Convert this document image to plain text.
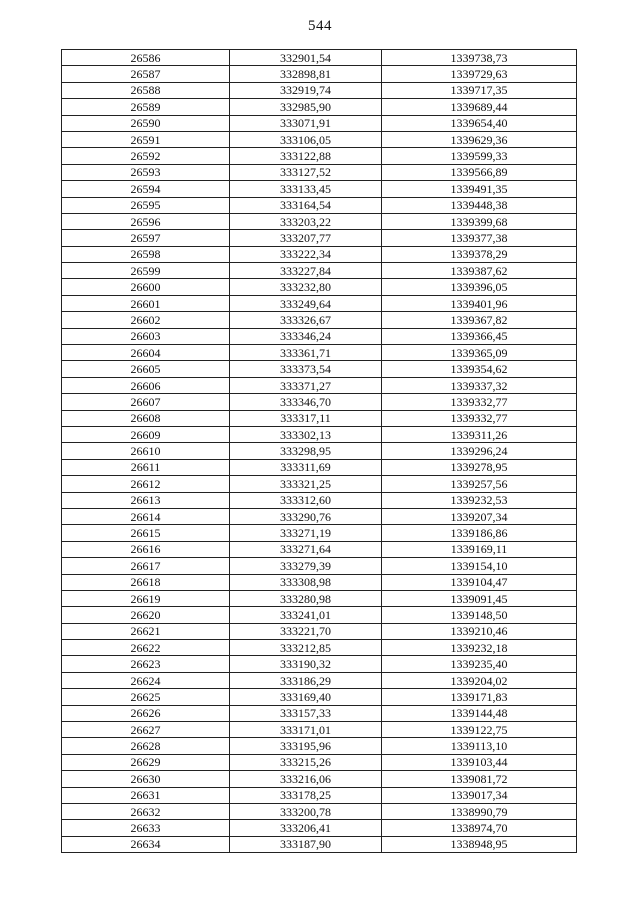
544
26586	332901,54	1339738,73
26587	332898,81	1339729,63
26588	332919,74	1339717,35
26589	332985,90	1339689,44
26590	333071,91	1339654,40
26591	333106,05	1339629,36
26592	333122,88	1339599,33
26593	333127,52	1339566,89
26594	333133,45	1339491,35
26595	333164,54	1339448,38
26596	333203,22	1339399,68
26597	333207,77	1339377,38
26598	333222,34	1339378,29
26599	333227,84	1339387,62
26600	333232,80	1339396,05
26601	333249,64	1339401,96
26602	333326,67	1339367,82
26603	333346,24	1339366,45
26604	333361,71	1339365,09
26605	333373,54	1339354,62
26606	333371,27	1339337,32
26607	333346,70	1339332,77
26608	333317,11	1339332,77
26609	333302,13	1339311,26
26610	333298,95	1339296,24
26611	333311,69	1339278,95
26612	333321,25	1339257,56
26613	333312,60	1339232,53
26614	333290,76	1339207,34
26615	333271,19	1339186,86
26616	333271,64	1339169,11
26617	333279,39	1339154,10
26618	333308,98	1339104,47
26619	333280,98	1339091,45
26620	333241,01	1339148,50
26621	333221,70	1339210,46
26622	333212,85	1339232,18
26623	333190,32	1339235,40
26624	333186,29	1339204,02
26625	333169,40	1339171,83
26626	333157,33	1339144,48
26627	333171,01	1339122,75
26628	333195,96	1339113,10
26629	333215,26	1339103,44
26630	333216,06	1339081,72
26631	333178,25	1339017,34
26632	333200,78	1338990,79
26633	333206,41	1338974,70
26634	333187,90	1338948,95
